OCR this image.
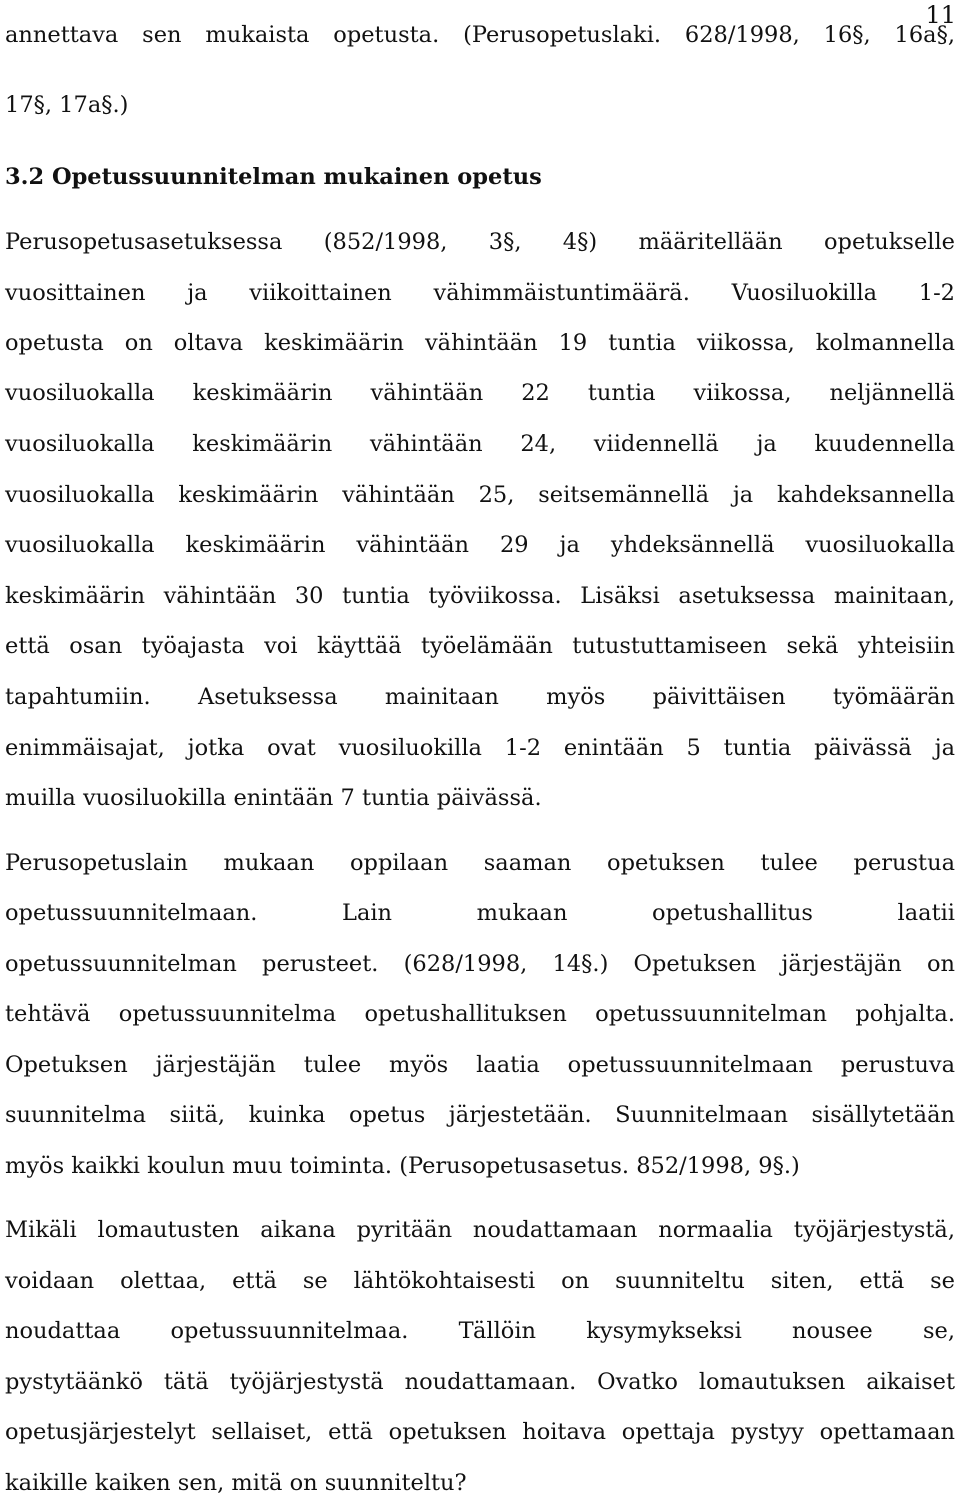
11
annettava sen mukaista opetusta. (Perusopetuslaki. 628/1998, 16§, 16a§,
17§, 17a§.)
3.2 Opetussuunnitelman mukainen opetus
Perusopetusasetuksessa (852/1998, 3§, 4§) määritellään opetukselle
vuosittainen ja viikoittainen vähimmäistuntimäärä. Vuosiluokilla 1-2
opetusta on oltava keskimäärin vähintään 19 tuntia viikossa, kolmannella
vuosiluokalla keskimäärin vähintään 22 tuntia viikossa, neljännellä
vuosiluokalla keskimäärin vähintään 24, viidennellä ja kuudennella
vuosiluokalla keskimäärin vähintään 25, seitsemännellä ja kahdeksannella
vuosiluokalla keskimäärin vähintään 29 ja yhdeksännellä vuosiluokalla
keskimäärin vähintään 30 tuntia työviikossa. Lisäksi asetuksessa mainitaan,
että osan työajasta voi käyttää työelämään tutustuttamiseen sekä yhteisiin
tapahtumiin. Asetuksessa mainitaan myös päivittäisen työmäärän
enimmäisajat, jotka ovat vuosiluokilla 1-2 enintään 5 tuntia päivässä ja
muilla vuosiluokilla enintään 7 tuntia päivässä.
Perusopetuslain mukaan oppilaan saaman opetuksen tulee perustua
opetussuunnitelmaan. Lain mukaan opetushallitus laatii
opetussuunnitelman perusteet. (628/1998, 14§.) Opetuksen järjestäjän on
tehtävä opetussuunnitelma opetushallituksen opetussuunnitelman pohjalta.
Opetuksen järjestäjän tulee myös laatia opetussuunnitelmaan perustuva
suunnitelma siitä, kuinka opetus järjestetään. Suunnitelmaan sisällytetään
myös kaikki koulun muu toiminta. (Perusopetusasetus. 852/1998, 9§.)
Mikäli lomautusten aikana pyritään noudattamaan normaalia työjärjestystä,
voidaan olettaa, että se lähtökohtaisesti on suunniteltu siten, että se
noudattaa opetussuunnitelmaa. Tällöin kysymykseksi nousee se,
pystytäänkö tätä työjärjestystä noudattamaan. Ovatko lomautuksen aikaiset
opetusjärjestelyt sellaiset, että opetuksen hoitava opettaja pystyy opettamaan
kaikille kaiken sen, mitä on suunniteltu?
